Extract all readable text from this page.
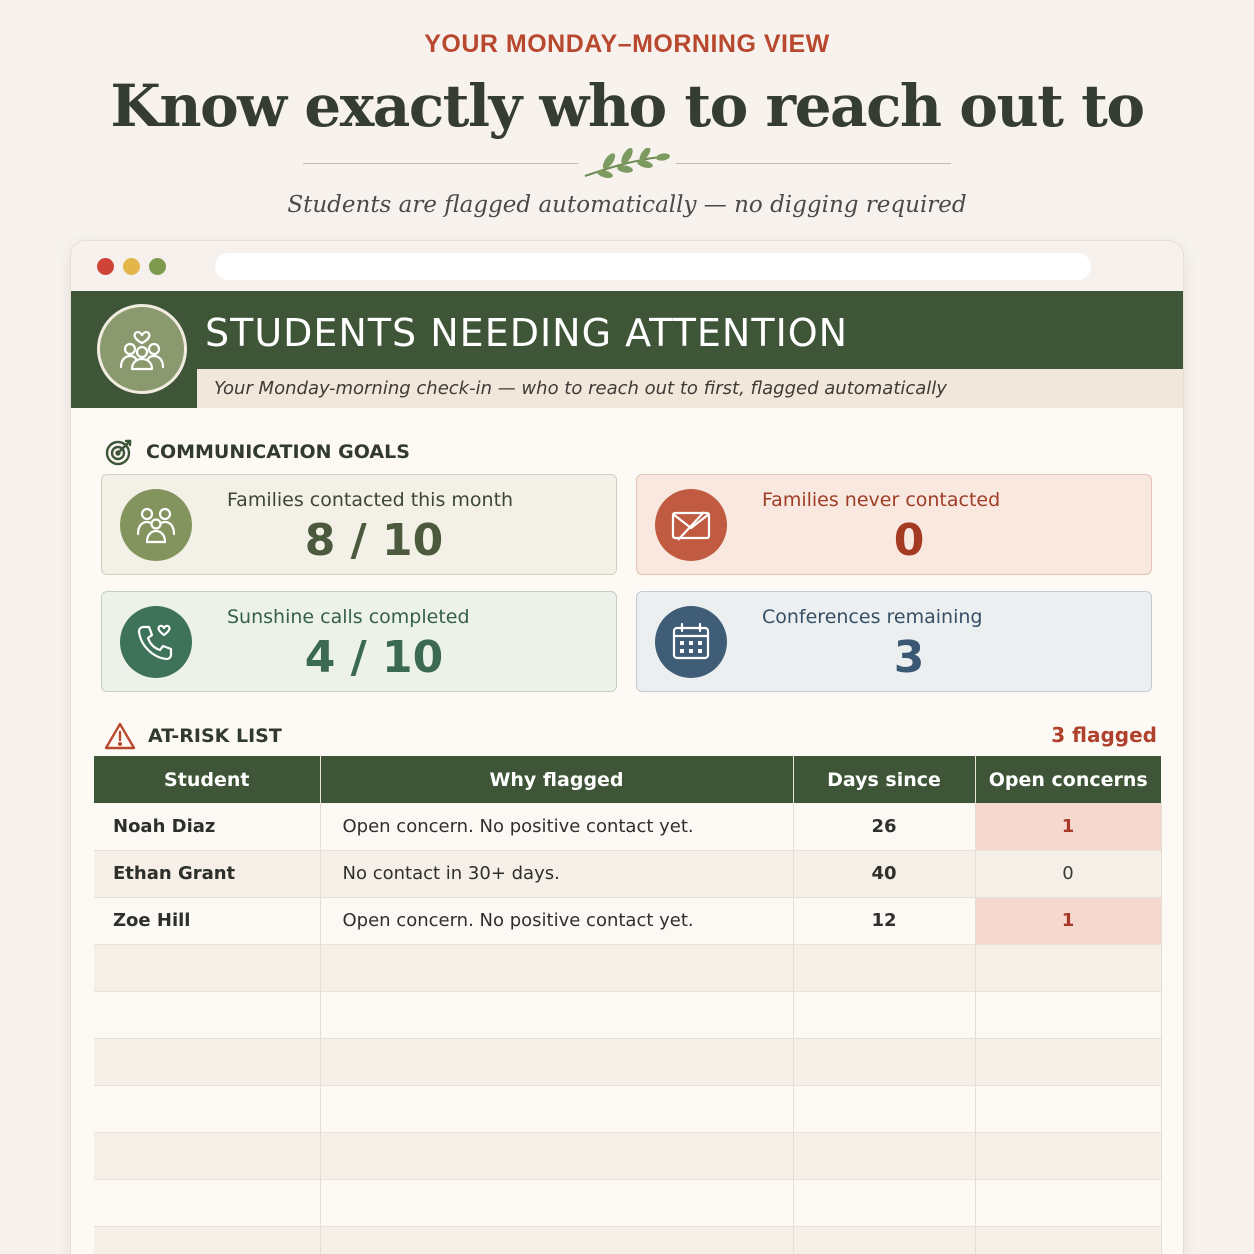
YOUR MONDAY–MORNING VIEW
Know exactly who to reach out to
Students are flagged automatically — no digging required
Your Monday-morning check-in — who to reach out to first, flagged automatically
STUDENTS NEEDING ATTENTION
COMMUNICATION GOALS
Families contacted this month
8 / 10
Families never contacted
0
Sunshine calls completed
4 / 10
Conferences remaining
3
AT-RISK LIST	3 flagged
Student	Why flagged	Days since	Open concerns
Noah Diaz	Open concern. No positive contact yet.	26	1
Ethan Grant	No contact in 30+ days.	40	0
Zoe Hill	Open concern. No positive contact yet.	12	1
